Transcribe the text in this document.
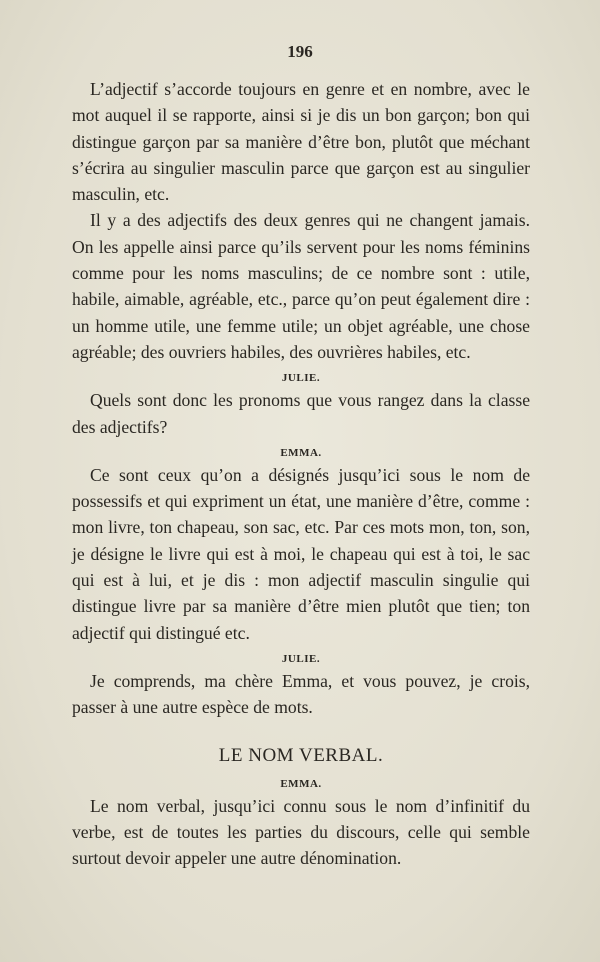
196

L’adjectif s’accorde toujours en genre et en nombre, avec le mot auquel il se rapporte, ainsi si je dis un bon garçon; bon qui distingue garçon par sa manière d’être bon, plutôt que méchant s’écrira au singulier masculin parce que garçon est au singulier masculin, etc.

Il y a des adjectifs des deux genres qui ne changent jamais. On les appelle ainsi parce qu’ils servent pour les noms féminins comme pour les noms masculins; de ce nombre sont : utile, habile, aimable, agréable, etc., parce qu’on peut également dire : un homme utile, une femme utile; un objet agréable, une chose agréable; des ouvriers habiles, des ouvrières habiles, etc.

JULIE.

Quels sont donc les pronoms que vous rangez dans la classe des adjectifs?

EMMA.

Ce sont ceux qu’on a désignés jusqu’ici sous le nom de possessifs et qui expriment un état, une manière d’être, comme : mon livre, ton chapeau, son sac, etc. Par ces mots mon, ton, son, je désigne le livre qui est à moi, le chapeau qui est à toi, le sac qui est à lui, et je dis : mon adjectif masculin singulie qui distingue livre par sa manière d’être mien plutôt que tien; ton adjectif qui distingué etc.

JULIE.

Je comprends, ma chère Emma, et vous pouvez, je crois, passer à une autre espèce de mots.

LE NOM VERBAL.
EMMA.

Le nom verbal, jusqu’ici connu sous le nom d’infinitif du verbe, est de toutes les parties du discours, celle qui semble surtout devoir appeler une autre dénomination.
